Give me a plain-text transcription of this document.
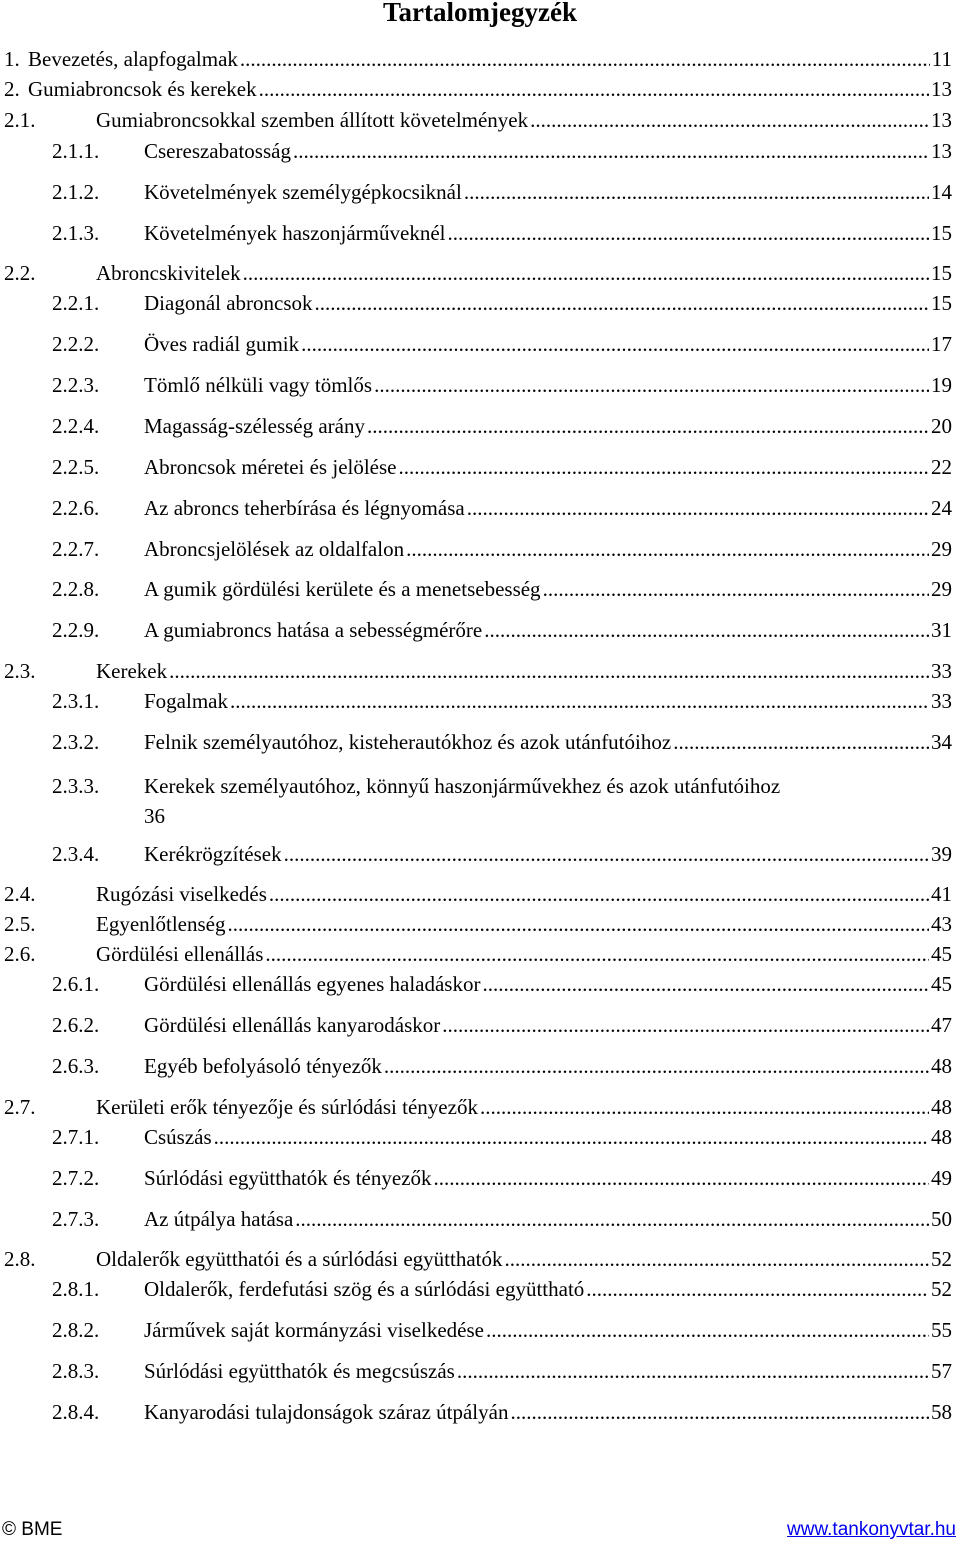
Tartalomjegyzék
1. Bevezetés, alapfogalmak .....	11
2. Gumiabroncsok és kerekek .....	13
2.1.	Gumiabroncsokkal szemben állított követelmények .....	13
2.1.1. Csereszabatosság .....	13
2.1.2. Követelmények személygépkocsiknál .....	14
2.1.3. Követelmények haszonjárműveknél .....	15
2.2.	Abroncskivitelek .....	15
2.2.1. Diagonál abroncsok .....	15
2.2.2. Öves radiál gumik .....	17
2.2.3. Tömlő nélküli vagy tömlős .....	19
2.2.4. Magasság-szélesség arány .....	20
2.2.5. Abroncsok méretei és jelölése .....	22
2.2.6. Az abroncs teherbírása és légnyomása .....	24
2.2.7. Abroncsjelölések az oldalfalon .....	29
2.2.8. A gumik gördülési kerülete és a menetsebesség .....	29
2.2.9. A gumiabroncs hatása a sebességmérőre .....	31
2.3.	Kerekek .....	33
2.3.1. Fogalmak .....	33
2.3.2. Felnik személyautóhoz, kisteherautókhoz és azok utánfutóihoz .....	34
2.3.3. Kerekek személyautóhoz, könnyű haszonjárművekhez és azok utánfutóihoz
36
2.3.4. Kerékrögzítések .....	39
2.4.	Rugózási viselkedés .....	41
2.5.	Egyenlőtlenség .....	43
2.6.	Gördülési ellenállás .....	45
2.6.1. Gördülési ellenállás egyenes haladáskor .....	45
2.6.2. Gördülési ellenállás kanyarodáskor .....	47
2.6.3. Egyéb befolyásoló tényezők .....	48
2.7.	Kerületi erők tényezője és súrlódási tényezők .....	48
2.7.1. Csúszás .....	48
2.7.2. Súrlódási együtthatók és tényezők .....	49
2.7.3. Az útpálya hatása .....	50
2.8.	Oldalerők együtthatói és a súrlódási együtthatók .....	52
2.8.1. Oldalerők, ferdefutási szög és a súrlódási együttható .....	52
2.8.2. Járművek saját kormányzási viselkedése .....	55
2.8.3. Súrlódási együtthatók és megcsúszás .....	57
2.8.4. Kanyarodási tulajdonságok száraz útpályán .....	58
© BME	www.tankonyvtar.hu
